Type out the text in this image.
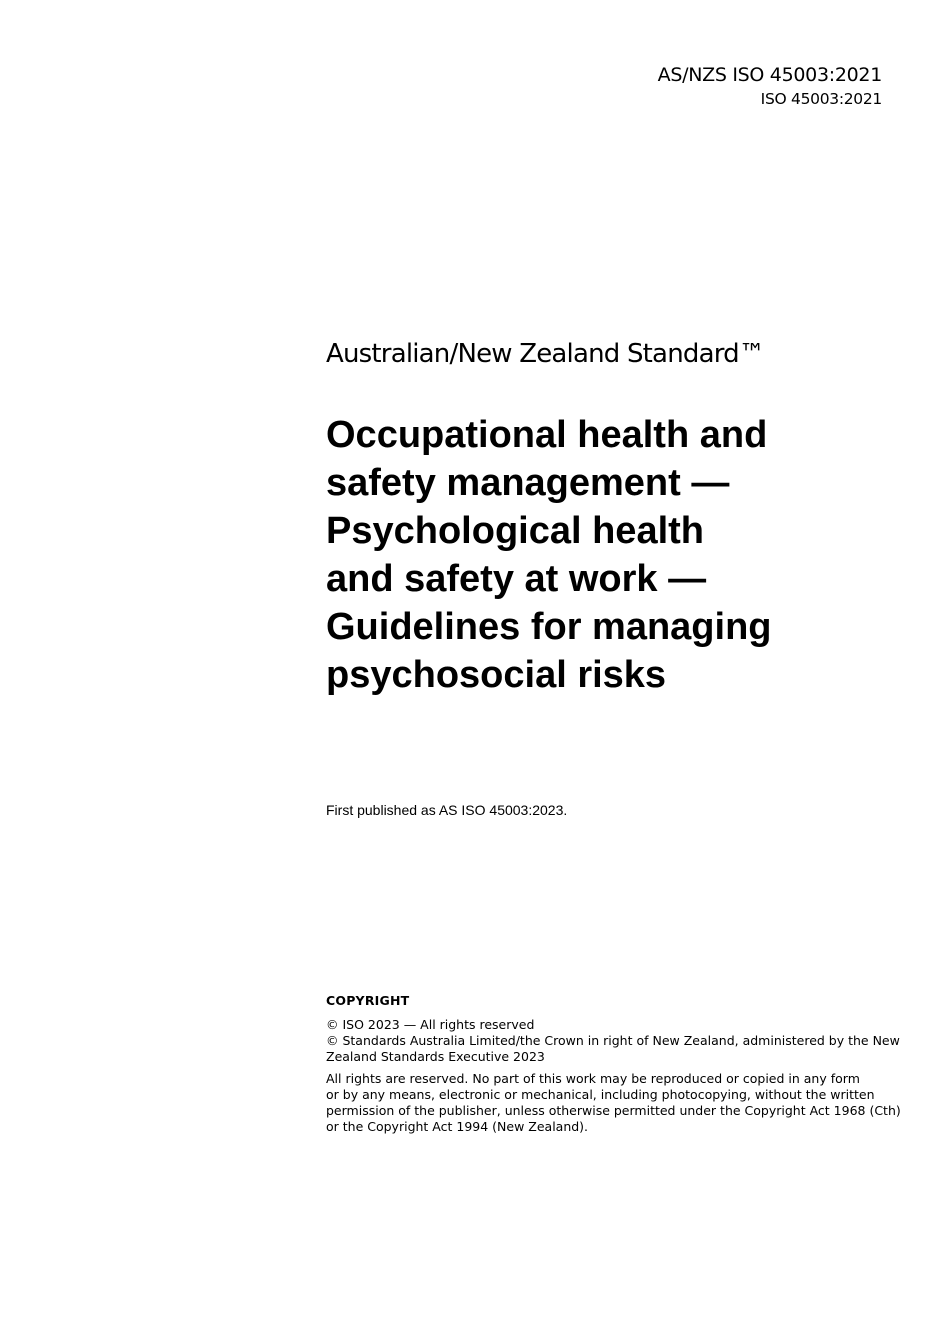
AS/NZS ISO 45003:2021
ISO 45003:2021
Australian/New Zealand Standard™
Occupational health and
safety management —
Psychological health
and safety at work —
Guidelines for managing
psychosocial risks
First published as AS ISO 45003:2023.
COPYRIGHT
© ISO 2023 — All rights reserved
© Standards Australia Limited/the Crown in right of New Zealand, administered by the New
Zealand Standards Executive 2023
All rights are reserved. No part of this work may be reproduced or copied in any form
or by any means, electronic or mechanical, including photocopying, without the written
permission of the publisher, unless otherwise permitted under the Copyright Act 1968 (Cth)
or the Copyright Act 1994 (New Zealand).
